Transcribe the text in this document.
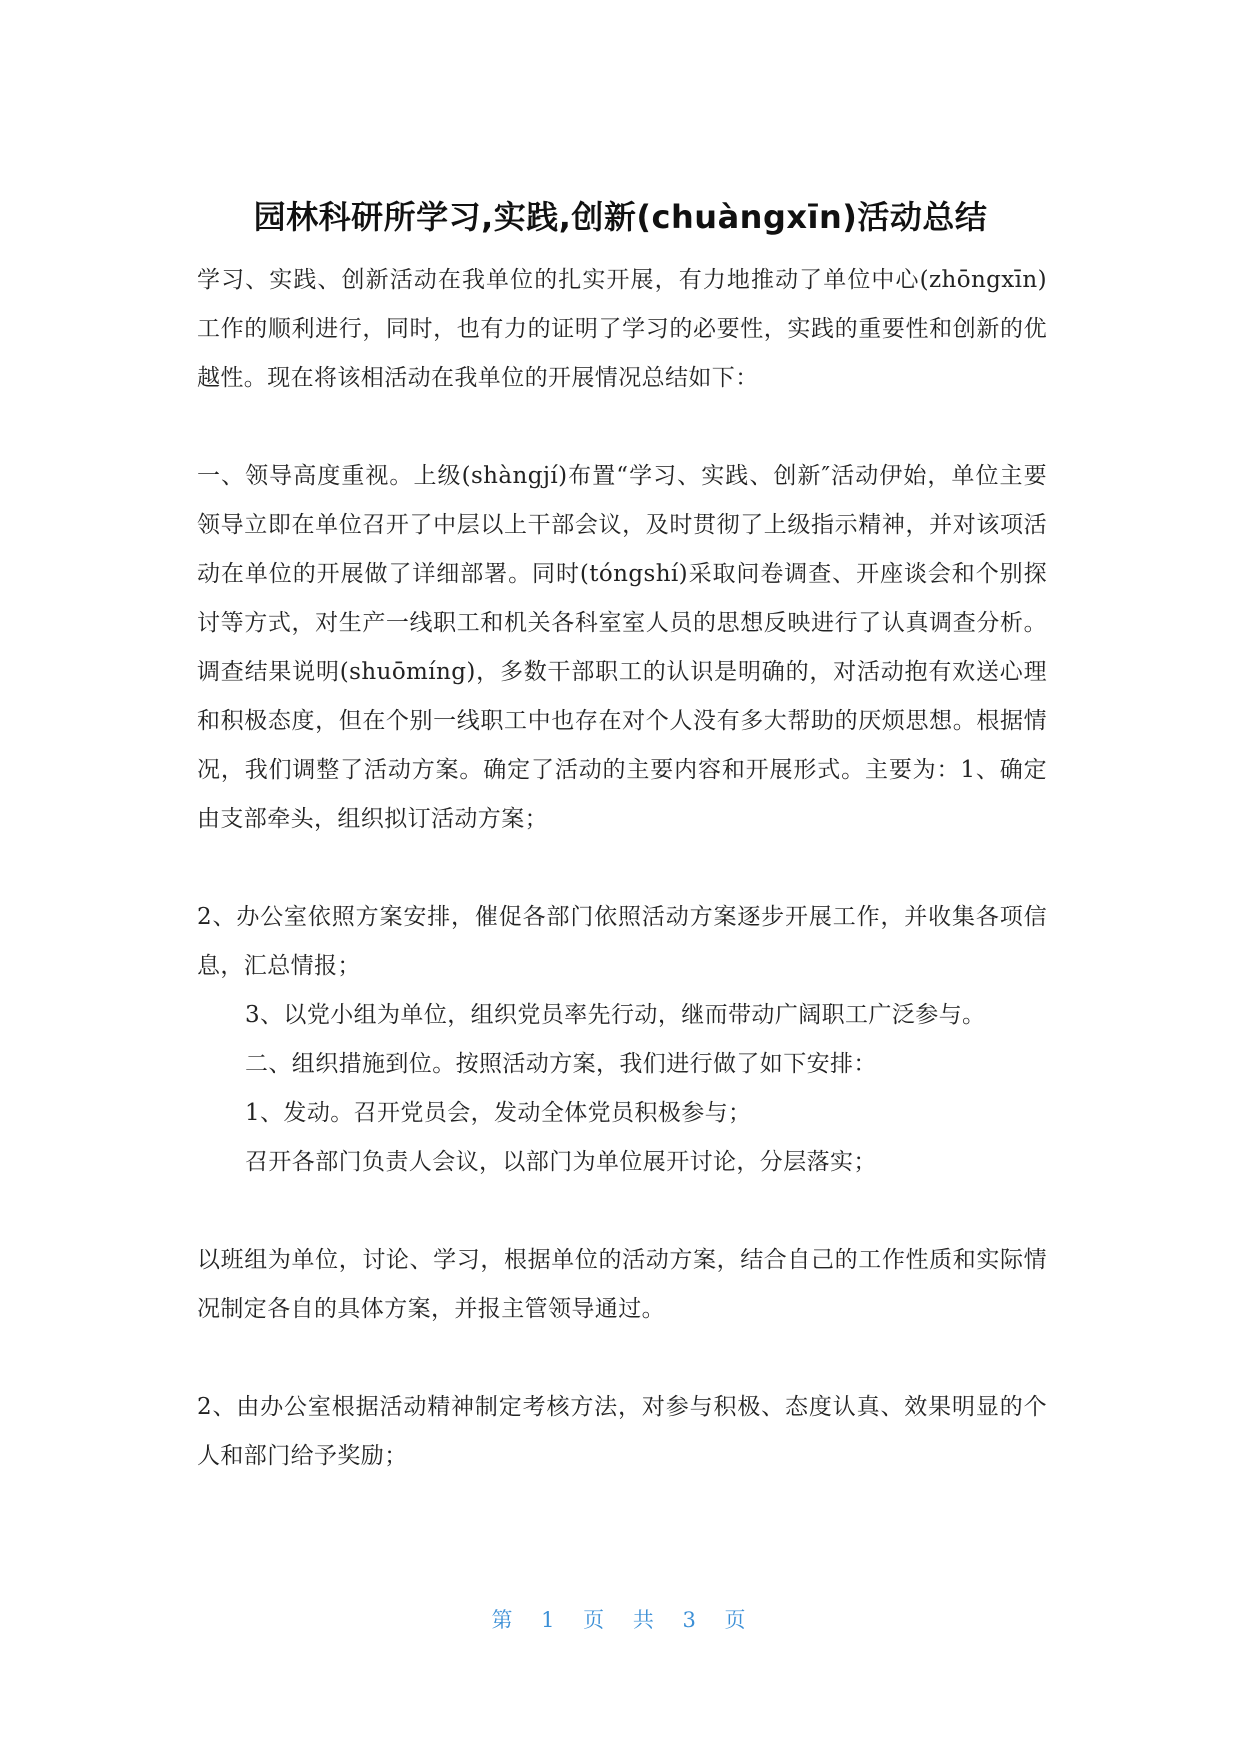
园林科研所学习,实践,创新(chuàngxīn)活动总结

学习、实践、创新活动在我单位的扎实开展，有力地推动了单位中心(zhōngxīn)工作的顺利进行，同时，也有力的证明了学习的必要性，实践的重要性和创新的优越性。现在将该相活动在我单位的开展情况总结如下：

一、领导高度重视。上级(shàngjí)布置“学习、实践、创新″活动伊始，单位主要领导立即在单位召开了中层以上干部会议，及时贯彻了上级指示精神，并对该项活动在单位的开展做了详细部署。同时(tóngshí)采取问卷调查、开座谈会和个别探讨等方式，对生产一线职工和机关各科室室人员的思想反映进行了认真调查分析。调查结果说明(shuōmíng)，多数干部职工的认识是明确的，对活动抱有欢送心理和积极态度，但在个别一线职工中也存在对个人没有多大帮助的厌烦思想。根据情况，我们调整了活动方案。确定了活动的主要内容和开展形式。主要为：1、确定由支部牵头，组织拟订活动方案；

2、办公室依照方案安排，催促各部门依照活动方案逐步开展工作，并收集各项信息，汇总情报；

3、以党小组为单位，组织党员率先行动，继而带动广阔职工广泛参与。

二、组织措施到位。按照活动方案，我们进行做了如下安排：

1、发动。召开党员会，发动全体党员积极参与；

召开各部门负责人会议，以部门为单位展开讨论，分层落实；

以班组为单位，讨论、学习，根据单位的活动方案，结合自己的工作性质和实际情况制定各自的具体方案，并报主管领导通过。

2、由办公室根据活动精神制定考核方法，对参与积极、态度认真、效果明显的个人和部门给予奖励；

第 1 页 共 3 页
